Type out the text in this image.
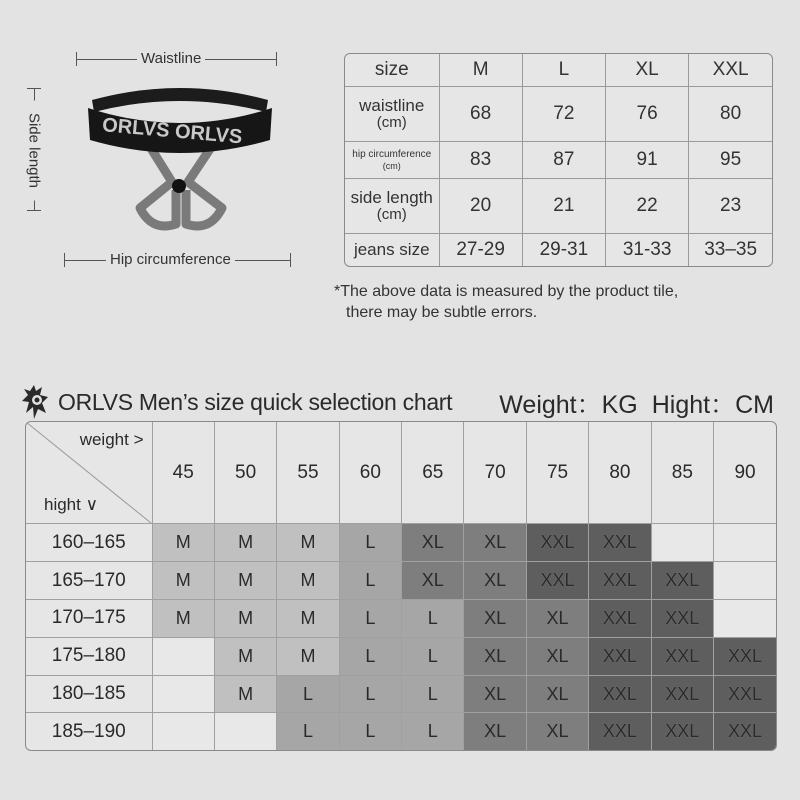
Waistline
Side length
Hip circumference
ORLVS ORLVS
size	M	L	XL	XXL
waistline
(cm)	68	72	76	80
hip circumference
(cm)	83	87	91	95
side length
(cm)	20	21	22	23
jeans size	27-29	29-31	31-33	33–35
*The above data is measured by the product tile,
there may be subtle errors.
ORLVS Men’s size quick selection chart Weight：KG Hight：CM
weight >
hight ∨	45	50	55	60	65	70	75	80	85	90
160–165	M	M	M	L	XL	XL	XXL	XXL		
165–170	M	M	M	L	XL	XL	XXL	XXL	XXL	
170–175	M	M	M	L	L	XL	XL	XXL	XXL	
175–180		M	M	L	L	XL	XL	XXL	XXL	XXL
180–185		M	L	L	L	XL	XL	XXL	XXL	XXL
185–190			L	L	L	XL	XL	XXL	XXL	XXL
